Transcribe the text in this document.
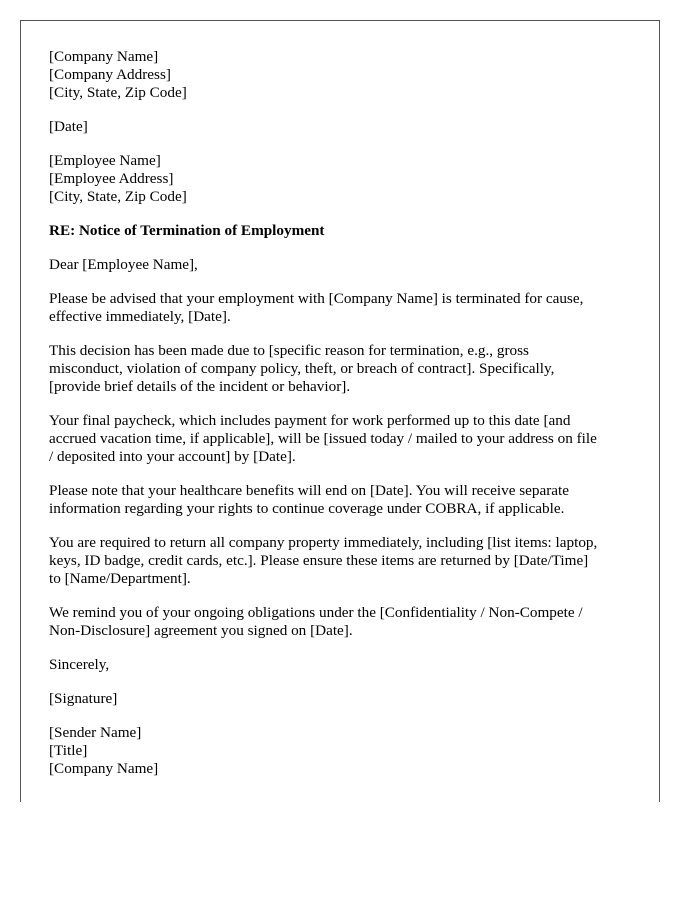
[Company Name]
[Company Address]
[City, State, Zip Code]
[Date]
[Employee Name]
[Employee Address]
[City, State, Zip Code]
RE: Notice of Termination of Employment
Dear [Employee Name],

Please be advised that your employment with [Company Name] is terminated for cause,
effective immediately, [Date].

This decision has been made due to [specific reason for termination, e.g., gross
misconduct, violation of company policy, theft, or breach of contract]. Specifically,
[provide brief details of the incident or behavior].

Your final paycheck, which includes payment for work performed up to this date [and
accrued vacation time, if applicable], will be [issued today / mailed to your address on file
/ deposited into your account] by [Date].

Please note that your healthcare benefits will end on [Date]. You will receive separate
information regarding your rights to continue coverage under COBRA, if applicable.

You are required to return all company property immediately, including [list items: laptop,
keys, ID badge, credit cards, etc.]. Please ensure these items are returned by [Date/Time]
to [Name/Department].

We remind you of your ongoing obligations under the [Confidentiality / Non-Compete /
Non-Disclosure] agreement you signed on [Date].

Sincerely,
[Signature]
[Sender Name]
[Title]
[Company Name]
